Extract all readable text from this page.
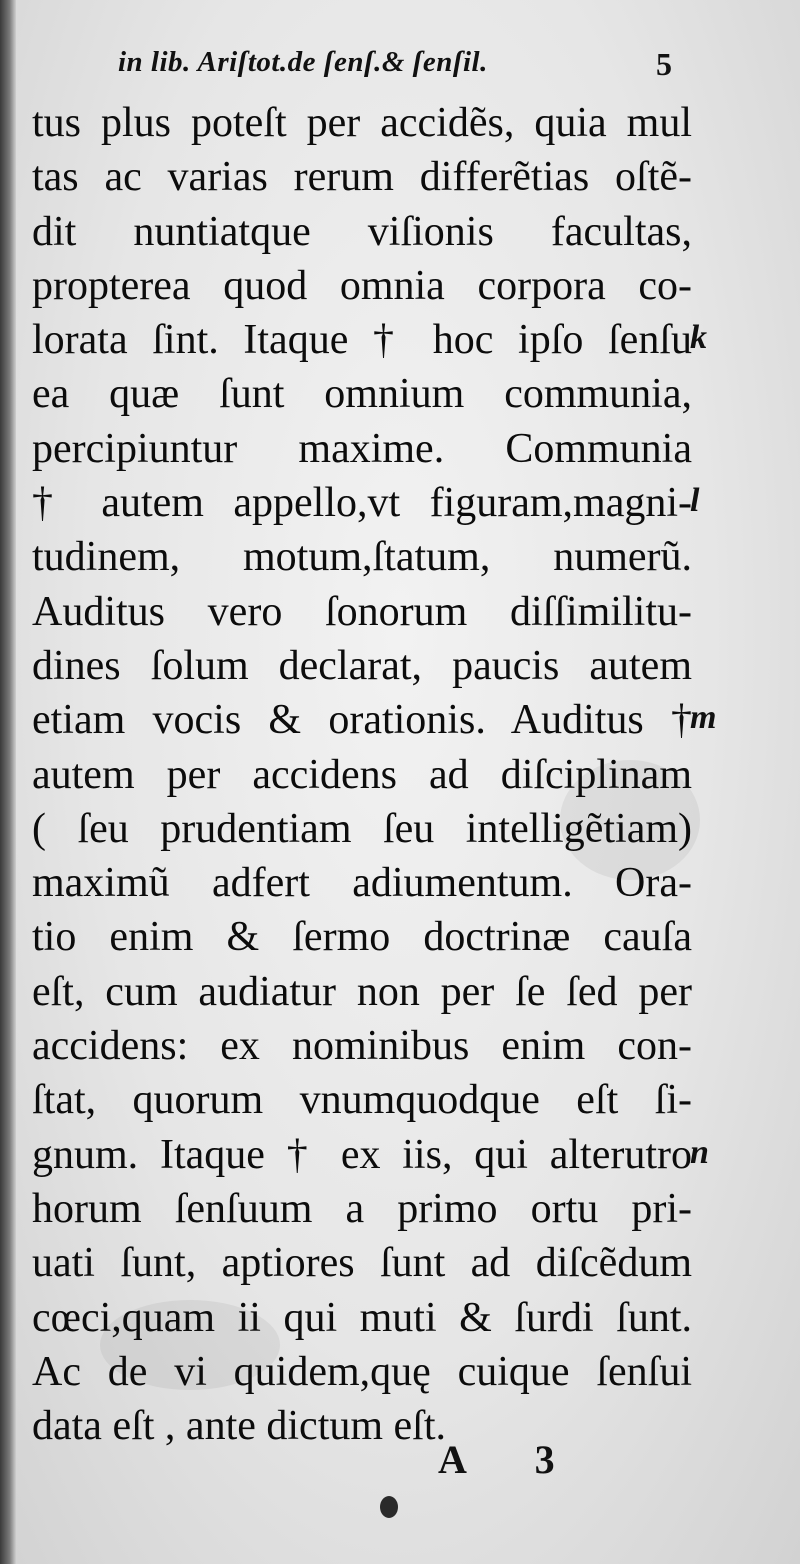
in lib. Ariſtot.de ſenſ.& ſenſil.	5
tus plus poteſt per accidẽs, quia mul
tas ac varias rerum differẽtias oſtẽ-
dit nuntiatque viſionis facultas,
propterea quod omnia corpora co-
lorata ſint. Itaque † hoc ipſo ſenſu
ea quæ ſunt omnium communia,
percipiuntur maxime. Communia
† autem appello,vt figuram,magni-
tudinem, motum,ſtatum, numerũ.
Auditus vero ſonorum diſſimilitu-
dines ſolum declarat, paucis autem
etiam vocis & orationis. Auditus †
autem per accidens ad diſciplinam
( ſeu prudentiam ſeu intelligẽtiam)
maximũ adfert adiumentum. Ora-
tio enim & ſermo doctrinæ cauſa
eſt, cum audiatur non per ſe ſed per
accidens: ex nominibus enim con-
ſtat, quorum vnumquodque eſt ſi-
gnum. Itaque † ex iis, qui alterutro
horum ſenſuum a primo ortu pri-
uati ſunt, aptiores ſunt ad diſcẽdum
cœci,quam ii qui muti & ſurdi ſunt.
Ac de vi quidem,quę cuique ſenſui
data eſt , ante dictum eſt.
k
l
m
n
A 3
